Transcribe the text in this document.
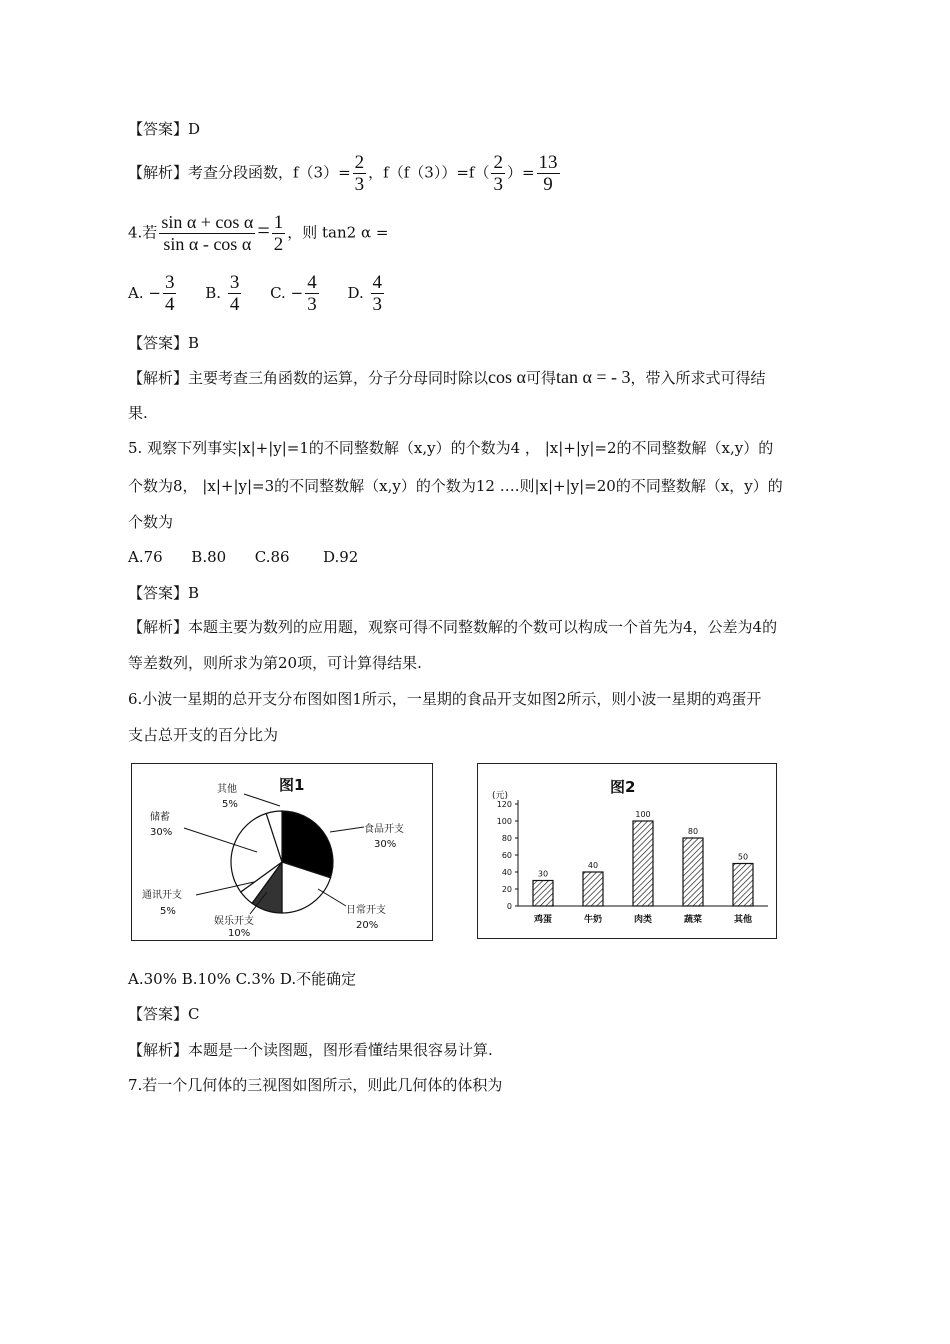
【答案】D
【解析】考查分段函数，$f(3)= \frac{2}{3}$ ，$f(f(3))=f( \frac{2}{3}$ ）= $\frac{13}{9}$
4.若 $\frac{\text{sin α + cos α}}{\text{sin α - cos α}} = \frac{1}{2}$ ，则 tan2 α =
A. − $\frac{3}{4} B$. $\frac{3}{4} C$. − $\frac{4}{3} D$. $\frac{4}{3}$
【答案】B
【解析】主要考查三角函数的运算，分子分母同时除以cos α可得tan α = - 3，带入所求式可得结
果.
5. 观察下列事实|x|+|y|=1的不同整数解（x,y）的个数为4 ， |x|+|y|=2的不同整数解（x,y）的
个数为8， |x|+|y|=3的不同整数解（x,y）的个数为12 ….则|x|+|y|=20的不同整数解（x，y）的
个数为
A.76      B.80      C.86       D.92
【答案】B
【解析】本题主要为数列的应用题，观察可得不同整数解的个数可以构成一个首先为4，公差为4的
等差数列，则所求为第20项，可计算得结果.
6.小波一星期的总开支分布图如图1所示，一星期的食品开支如图2所示，则小波一星期的鸡蛋开
支占总开支的百分比为
图1
其他
5%
储蓄
30%	食品开支
30%
通讯开支
5%
娱乐开支
10%
日常开支
20%
图2
(元)
0
20
40
60
80
100
120
30
鸡蛋
40
牛奶
100
肉类
80
蔬菜
50
其他
A.30% B.10% C.3% D.不能确定
【答案】C
【解析】本题是一个读图题，图形看懂结果很容易计算.
7.若一个几何体的三视图如图所示，则此几何体的体积为
